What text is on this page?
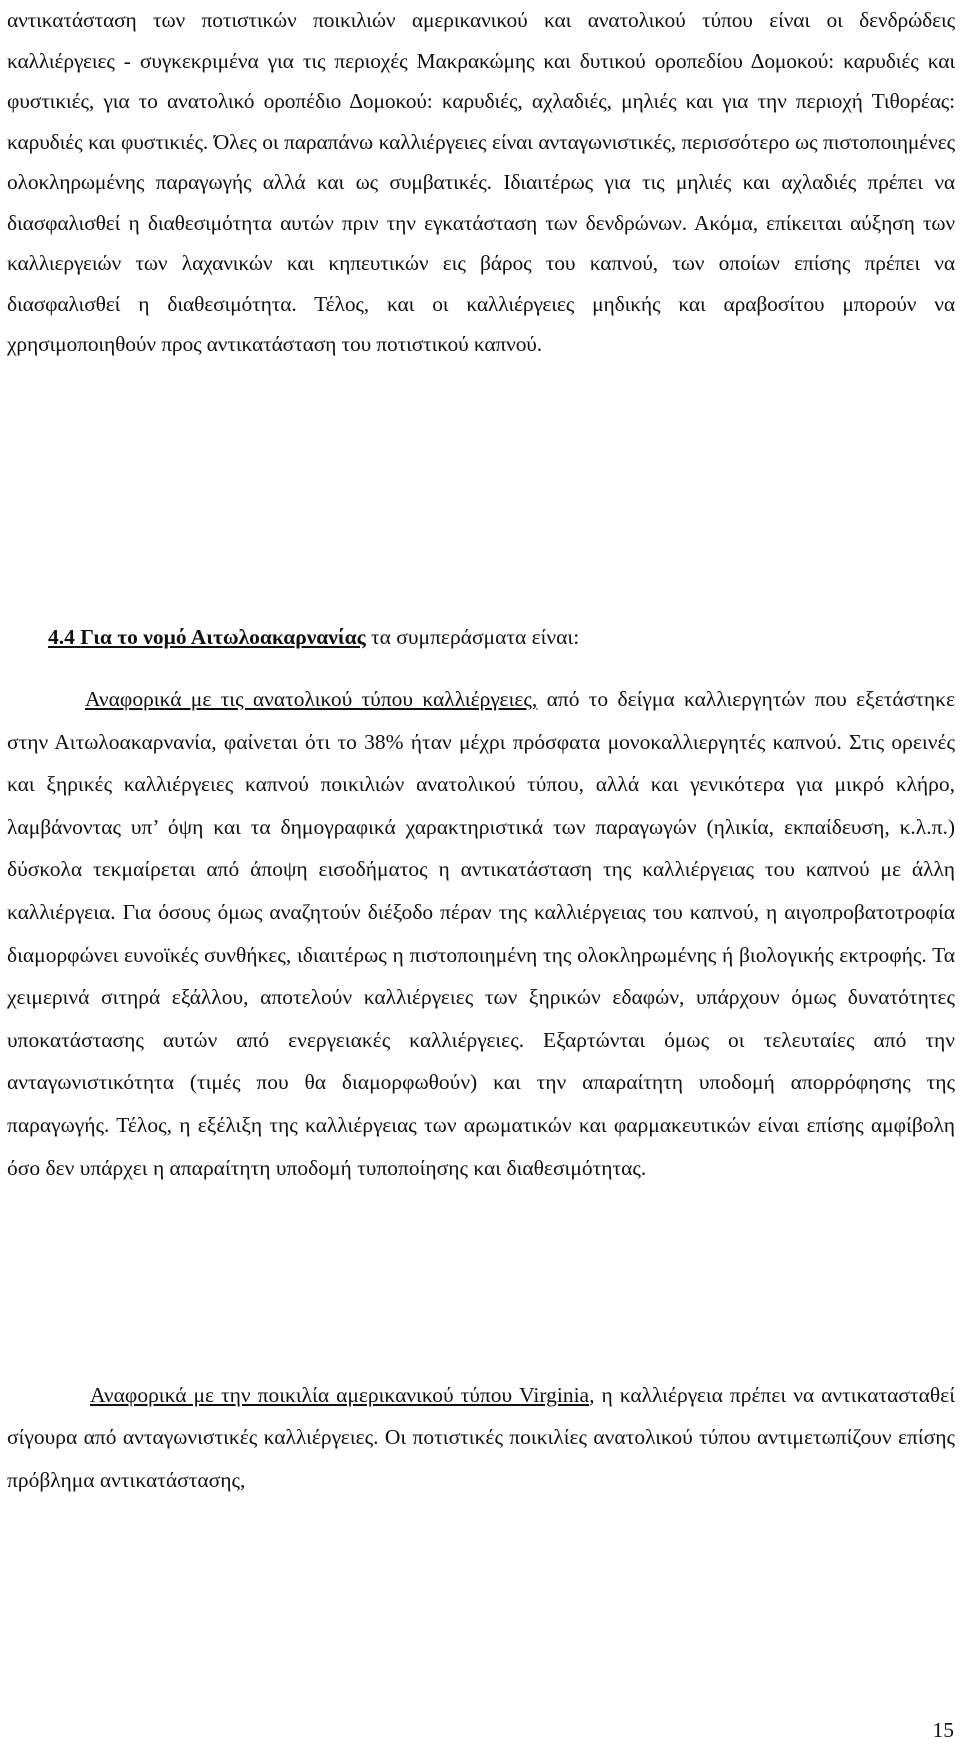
αντικατάσταση των ποτιστικών ποικιλιών αμερικανικού και ανατολικού τύπου είναι οι δενδρώδεις καλλιέργειες - συγκεκριμένα για τις περιοχές Μακρακώμης και δυτικού οροπεδίου Δομοκού: καρυδιές και φυστικιές, για το ανατολικό οροπέδιο Δομοκού: καρυδιές, αχλαδιές, μηλιές και για την περιοχή Τιθορέας: καρυδιές και φυστικιές. Όλες οι παραπάνω καλλιέργειες είναι ανταγωνιστικές, περισσότερο ως πιστοποιημένες ολοκληρωμένης παραγωγής αλλά και ως συμβατικές. Ιδιαιτέρως για τις μηλιές και αχλαδιές πρέπει να διασφαλισθεί η διαθεσιμότητα αυτών πριν την εγκατάσταση των δενδρώνων. Ακόμα, επίκειται αύξηση των καλλιεργειών των λαχανικών και κηπευτικών εις βάρος του καπνού, των οποίων επίσης πρέπει να διασφαλισθεί η διαθεσιμότητα. Τέλος, και οι καλλιέργειες μηδικής και αραβοσίτου μπορούν να χρησιμοποιηθούν προς αντικατάσταση του ποτιστικού καπνού.

4.4 Για το νομό Αιτωλοακαρνανίας τα συμπεράσματα είναι:

Αναφορικά με τις ανατολικού τύπου καλλιέργειες, από το δείγμα καλλιεργητών που εξετάστηκε στην Αιτωλοακαρνανία, φαίνεται ότι το 38% ήταν μέχρι πρόσφατα μονοκαλλιεργητές καπνού. Στις ορεινές και ξηρικές καλλιέργειες καπνού ποικιλιών ανατολικού τύπου, αλλά και γενικότερα για μικρό κλήρο, λαμβάνοντας υπ’ όψη και τα δημογραφικά χαρακτηριστικά των παραγωγών (ηλικία, εκπαίδευση, κ.λ.π.) δύσκολα τεκμαίρεται από άποψη εισοδήματος η αντικατάσταση της καλλιέργειας του καπνού με άλλη καλλιέργεια. Για όσους όμως αναζητούν διέξοδο πέραν της καλλιέργειας του καπνού, η αιγοπροβατοτροφία διαμορφώνει ευνοϊκές συνθήκες, ιδιαιτέρως η πιστοποιημένη της ολοκληρωμένης ή βιολογικής εκτροφής. Τα χειμερινά σιτηρά εξάλλου, αποτελούν καλλιέργειες των ξηρικών εδαφών, υπάρχουν όμως δυνατότητες υποκατάστασης αυτών από ενεργειακές καλλιέργειες. Εξαρτώνται όμως οι τελευταίες από την ανταγωνιστικότητα (τιμές που θα διαμορφωθούν) και την απαραίτητη υποδομή απορρόφησης της παραγωγής. Τέλος, η εξέλιξη της καλλιέργειας των αρωματικών και φαρμακευτικών είναι επίσης αμφίβολη όσο δεν υπάρχει η απαραίτητη υποδομή τυποποίησης και διαθεσιμότητας.

Αναφορικά με την ποικιλία αμερικανικού τύπου Virginia, η καλλιέργεια πρέπει να αντικατασταθεί σίγουρα από ανταγωνιστικές καλλιέργειες. Οι ποτιστικές ποικιλίες ανατολικού τύπου αντιμετωπίζουν επίσης πρόβλημα αντικατάστασης,

15
